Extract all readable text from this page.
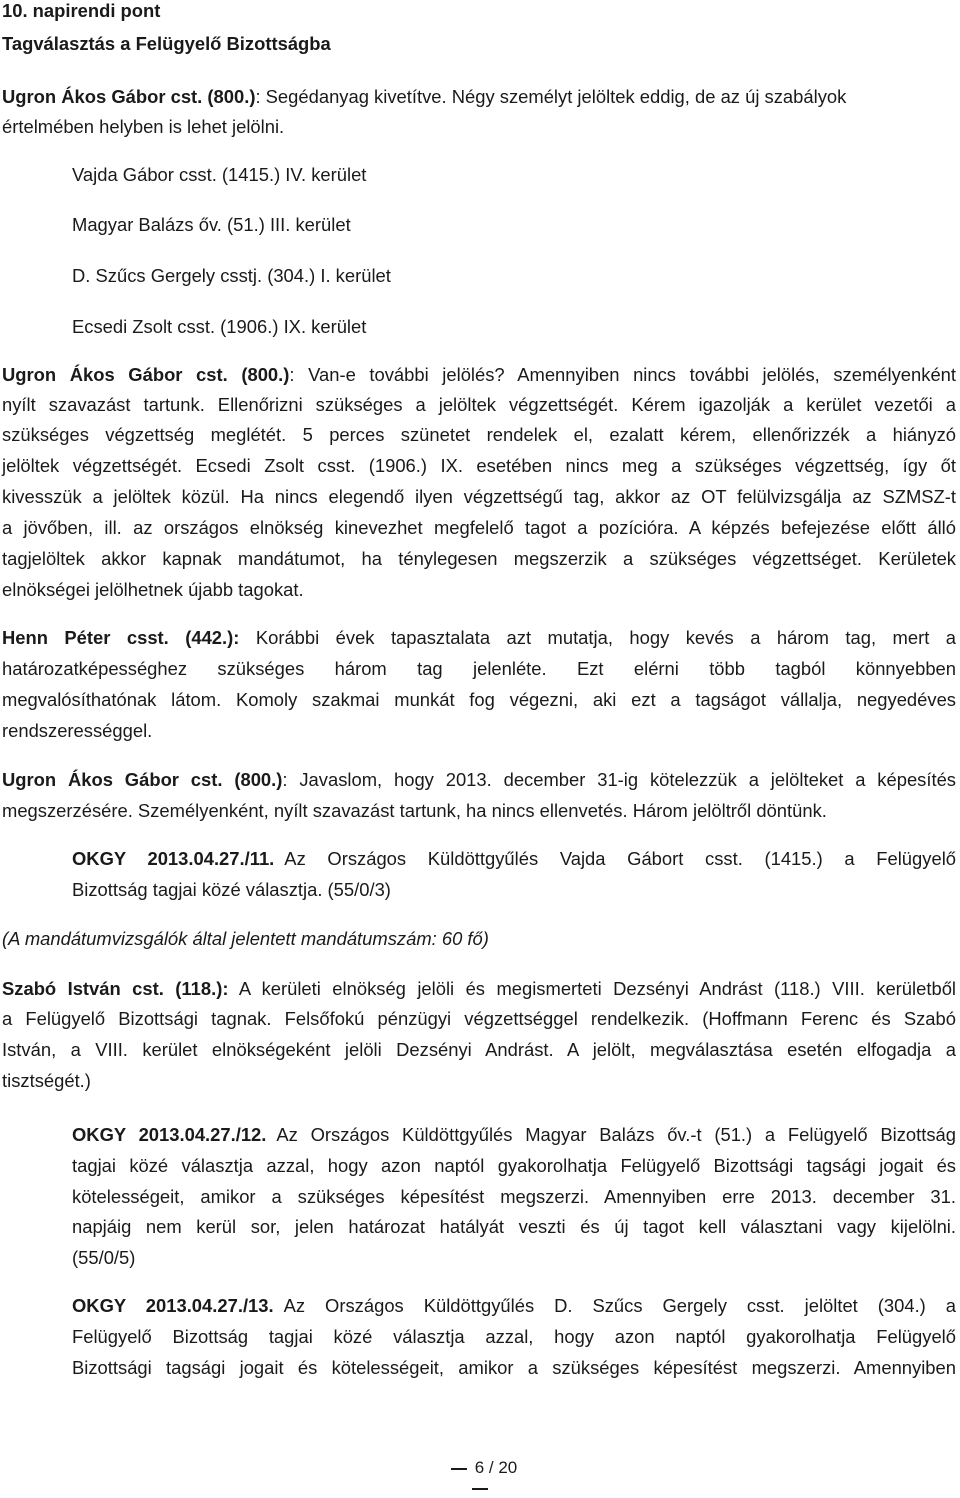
10. napirendi pont
Tagválasztás a Felügyelő Bizottságba
Ugron Ákos Gábor cst. (800.): Segédanyag kivetítve. Négy személyt jelöltek eddig, de az új szabályok
értelmében helyben is lehet jelölni.
Vajda Gábor csst. (1415.) IV. kerület
Magyar Balázs őv. (51.) III. kerület
D. Szűcs Gergely csstj. (304.) I. kerület
Ecsedi Zsolt csst. (1906.) IX. kerület
Ugron Ákos Gábor cst. (800.): Van-e további jelölés? Amennyiben nincs további jelölés, személyenként
nyílt szavazást tartunk. Ellenőrizni szükséges a jelöltek végzettségét. Kérem igazolják a kerület vezetői a
szükséges végzettség meglétét. 5 perces szünetet rendelek el, ezalatt kérem, ellenőrizzék a hiányzó
jelöltek végzettségét. Ecsedi Zsolt csst. (1906.) IX. esetében nincs meg a szükséges végzettség, így őt
kivesszük a jelöltek közül. Ha nincs elegendő ilyen végzettségű tag, akkor az OT felülvizsgálja az SZMSZ-t
a jövőben, ill. az országos elnökség kinevezhet megfelelő tagot a pozícióra. A képzés befejezése előtt álló
tagjelöltek akkor kapnak mandátumot, ha ténylegesen megszerzik a szükséges végzettséget. Kerületek
elnökségei jelölhetnek újabb tagokat.
Henn Péter csst. (442.): Korábbi évek tapasztalata azt mutatja, hogy kevés a három tag, mert a
határozatképességhez szükséges három tag jelenléte. Ezt elérni több tagból könnyebben
megvalósíthatónak látom. Komoly szakmai munkát fog végezni, aki ezt a tagságot vállalja, negyedéves
rendszerességgel.
Ugron Ákos Gábor cst. (800.): Javaslom, hogy 2013. december 31-ig kötelezzük a jelölteket a képesítés
megszerzésére. Személyenként, nyílt szavazást tartunk, ha nincs ellenvetés. Három jelöltről döntünk.
OKGY 2013.04.27./11. Az Országos Küldöttgyűlés Vajda Gábort csst. (1415.) a Felügyelő
Bizottság tagjai közé választja. (55/0/3)
(A mandátumvizsgálók által jelentett mandátumszám: 60 fő)
Szabó István cst. (118.): A kerületi elnökség jelöli és megismerteti Dezsényi Andrást (118.) VIII. kerületből
a Felügyelő Bizottsági tagnak. Felsőfokú pénzügyi végzettséggel rendelkezik. (Hoffmann Ferenc és Szabó
István, a VIII. kerület elnökségeként jelöli Dezsényi Andrást. A jelölt, megválasztása esetén elfogadja a
tisztségét.)
OKGY 2013.04.27./12. Az Országos Küldöttgyűlés Magyar Balázs őv.-t (51.) a Felügyelő Bizottság
tagjai közé választja azzal, hogy azon naptól gyakorolhatja Felügyelő Bizottsági tagsági jogait és
kötelességeit, amikor a szükséges képesítést megszerzi. Amennyiben erre 2013. december 31.
napjáig nem kerül sor, jelen határozat hatályát veszti és új tagot kell választani vagy kijelölni.
(55/0/5)
OKGY 2013.04.27./13. Az Országos Küldöttgyűlés D. Szűcs Gergely csst. jelöltet (304.) a
Felügyelő Bizottság tagjai közé választja azzal, hogy azon naptól gyakorolhatja Felügyelő
Bizottsági tagsági jogait és kötelességeit, amikor a szükséges képesítést megszerzi. Amennyiben
6 / 20
